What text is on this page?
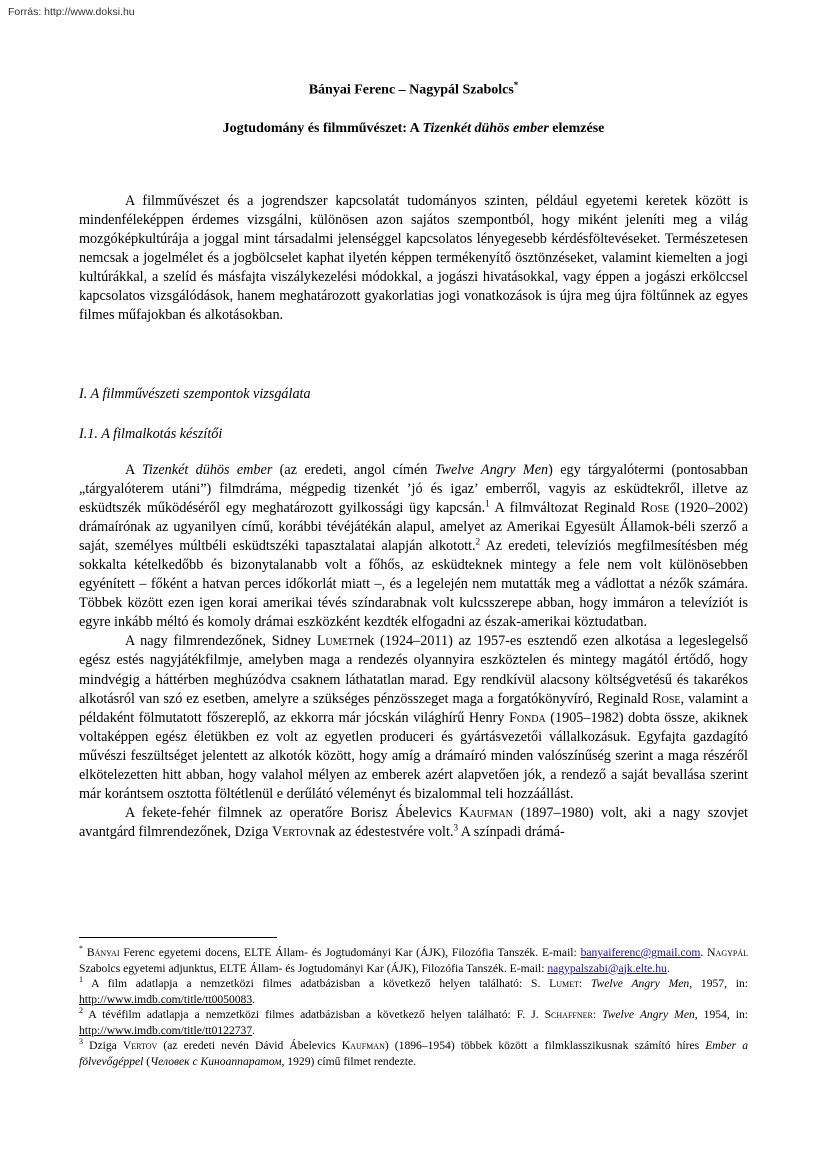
Forrás: http://www.doksi.hu
Bányai Ferenc – Nagypál Szabolcs*
Jogtudomány és filmművészet: A Tizenkét dühös ember elemzése

A filmművészet és a jogrendszer kapcsolatát tudományos szinten, például egyetemi keretek között is mindenféleképpen érdemes vizsgálni, különösen azon sajátos szempontból, hogy miként jeleníti meg a világ mozgóképkultúrája a joggal mint társadalmi jelenséggel kapcsolatos lényegesebb kérdésföltevéseket. Természetesen nemcsak a jogelmélet és a jogbölcselet kaphat ilyetén képpen termékenyítő ösztönzéseket, valamint kiemelten a jogi kultúrákkal, a szelíd és másfajta viszálykezelési módokkal, a jogászi hivatásokkal, vagy éppen a jogászi erkölccsel kapcsolatos vizsgálódások, hanem meghatározott gyakorlatias jogi vonatkozások is újra meg újra föltűnnek az egyes filmes műfajokban és alkotásokban.

I. A filmművészeti szempontok vizsgálata
I.1. A filmalkotás készítői

A Tizenkét dühös ember (az eredeti, angol címén Twelve Angry Men) egy tárgyalótermi (pontosabban „tárgyalóterem utáni”) filmdráma, mégpedig tizenkét ’jó és igaz’ emberről, vagyis az esküdtekről, illetve az esküdtszék működéséről egy meghatározott gyilkossági ügy kapcsán.$^1$ A filmváltozat Reginald Rose (1920–2002) drámaírónak az ugyanilyen című, korábbi tévéjátékán alapul, amelyet az Amerikai Egyesült Államok-béli szerző a saját, személyes múltbéli esküdtszéki tapasztalatai alapján alkotott.$^2$ Az eredeti, televíziós megfilmesítésben még sokkalta kételkedőbb és bizonytalanabb volt a főhős, az esküdteknek mintegy a fele nem volt különösebben egyénített – főként a hatvan perces időkorlát miatt –, és a legelején nem mutatták meg a vádlottat a nézők számára. Többek között ezen igen korai amerikai tévés színdarabnak volt kulcsszerepe abban, hogy immáron a televíziót is egyre inkább méltó és komoly drámai eszközként kezdték elfogadni az észak-amerikai köztudatban.

A nagy filmrendezőnek, Sidney Lumetnek (1924–2011) az 1957-es esztendő ezen alkotása a legeslegelső egész estés nagyjátékfilmje, amelyben maga a rendezés olyannyira eszköztelen és mintegy magától értődő, hogy mindvégig a háttérben meghúzódva csaknem láthatatlan marad. Egy rendkívül alacsony költségvetésű és takarékos alkotásról van szó ez esetben, amelyre a szükséges pénzösszeget maga a forgatókönyvíró, Reginald Rose, valamint a példaként fölmutatott főszereplő, az ekkorra már jócskán világhírű Henry Fonda (1905–1982) dobta össze, akiknek voltaképpen egész életükben ez volt az egyetlen produceri és gyártásvezetői vállalkozásuk. Egyfajta gazdagító művészi feszültséget jelentett az alkotók között, hogy amíg a drámaíró minden valószínűség szerint a maga részéről elkötelezetten hitt abban, hogy valahol mélyen az emberek azért alapvetően jók, a rendező a saját bevallása szerint már korántsem osztotta föltétlenül e derűlátó véleményt és bizalommal teli hozzáállást.

A fekete-fehér filmnek az operatőre Borisz Ábelevics Kaufman (1897–1980) volt, aki a nagy szovjet avantgárd filmrendezőnek, Dziga Vertovnak az édestestvére volt.$^3$ A színpadi drámá-

* Bányai Ferenc egyetemi docens, ELTE Állam- és Jogtudományi Kar (ÁJK), Filozófia Tanszék. E-mail: banyaiferenc@gmail.com. Nagypál Szabolcs egyetemi adjunktus, ELTE Állam- és Jogtudományi Kar (ÁJK), Filozófia Tanszék. E-mail: nagypalszabi@ajk.elte.hu.

$^1$ A film adatlapja a nemzetközi filmes adatbázisban a következő helyen található: S. Lumet: Twelve Angry Men, 1957, in: http://www.imdb.com/title/tt0050083.

$^2$ A tévéfilm adatlapja a nemzetközi filmes adatbázisban a következő helyen található: F. J. Schaffner: Twelve Angry Men, 1954, in: http://www.imdb.com/title/tt0122737.

$^3$ Dziga Vertov (az eredeti nevén Dávid Ábelevics Kaufman) (1896–1954) többek között a filmklasszikusnak számító híres Ember a fölvevőgéppel (Человек с Киноаппаратом, 1929) című filmet rendezte.
